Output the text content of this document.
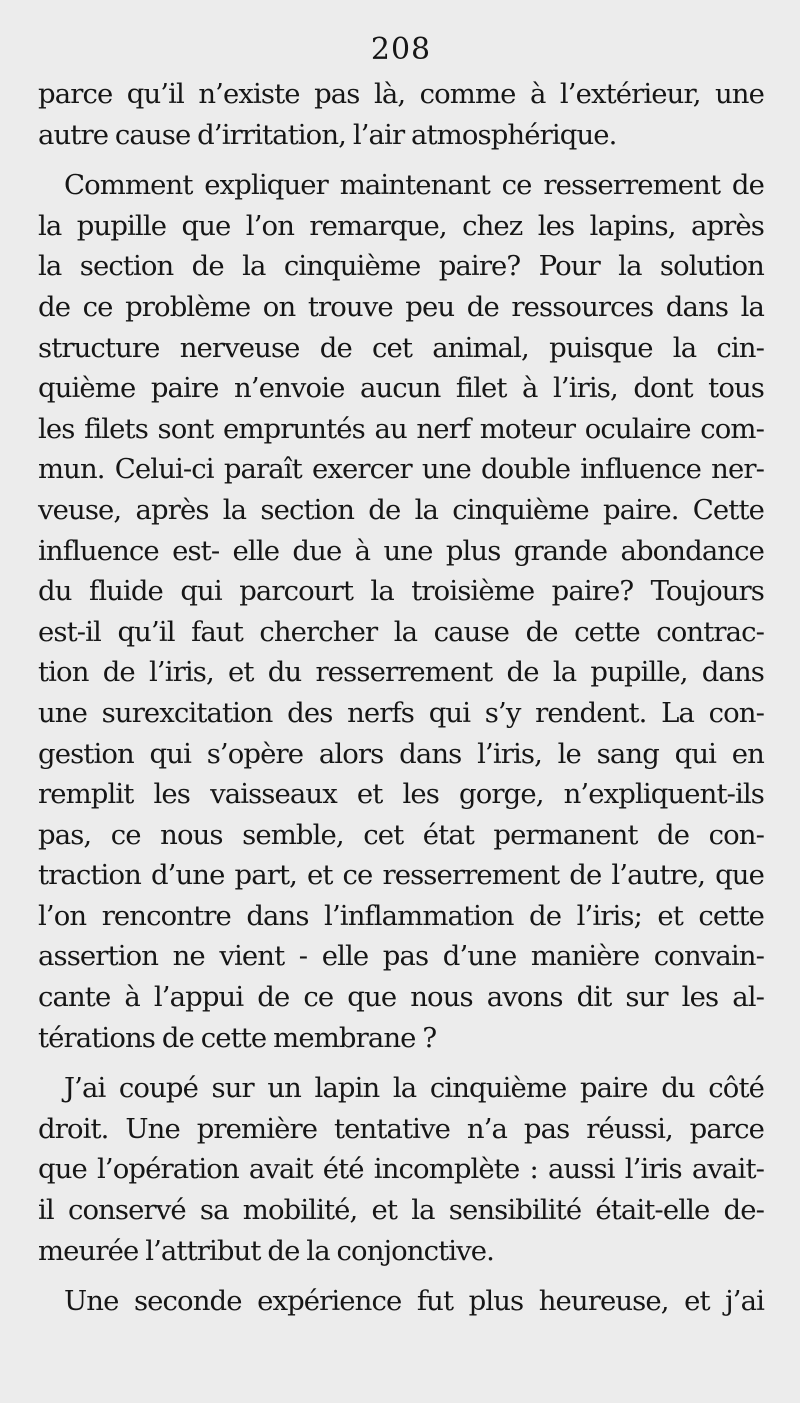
208

parce qu’il n’existe pas là, comme à l’extérieur, une
autre cause d’irritation, l’air atmosphérique.

Comment expliquer maintenant ce resserrement de
la pupille que l’on remarque, chez les lapins, après
la section de la cinquième paire? Pour la solution
de ce problème on trouve peu de ressources dans la
structure nerveuse de cet animal, puisque la cin-
quième paire n’envoie aucun filet à l’iris, dont tous
les filets sont empruntés au nerf moteur oculaire com-
mun. Celui-ci paraît exercer une double influence ner-
veuse, après la section de la cinquième paire. Cette
influence est- elle due à une plus grande abondance
du fluide qui parcourt la troisième paire? Toujours
est-il qu’il faut chercher la cause de cette contrac-
tion de l’iris, et du resserrement de la pupille, dans
une surexcitation des nerfs qui s’y rendent. La con-
gestion qui s’opère alors dans l’iris, le sang qui en
remplit les vaisseaux et les gorge, n’expliquent-ils
pas, ce nous semble, cet état permanent de con-
traction d’une part, et ce resserrement de l’autre, que
l’on rencontre dans l’inflammation de l’iris; et cette
assertion ne vient - elle pas d’une manière convain-
cante à l’appui de ce que nous avons dit sur les al-
térations de cette membrane ?

J’ai coupé sur un lapin la cinquième paire du côté
droit. Une première tentative n’a pas réussi, parce
que l’opération avait été incomplète : aussi l’iris avait-
il conservé sa mobilité, et la sensibilité était-elle de-
meurée l’attribut de la conjonctive.

Une seconde expérience fut plus heureuse, et j’ai
